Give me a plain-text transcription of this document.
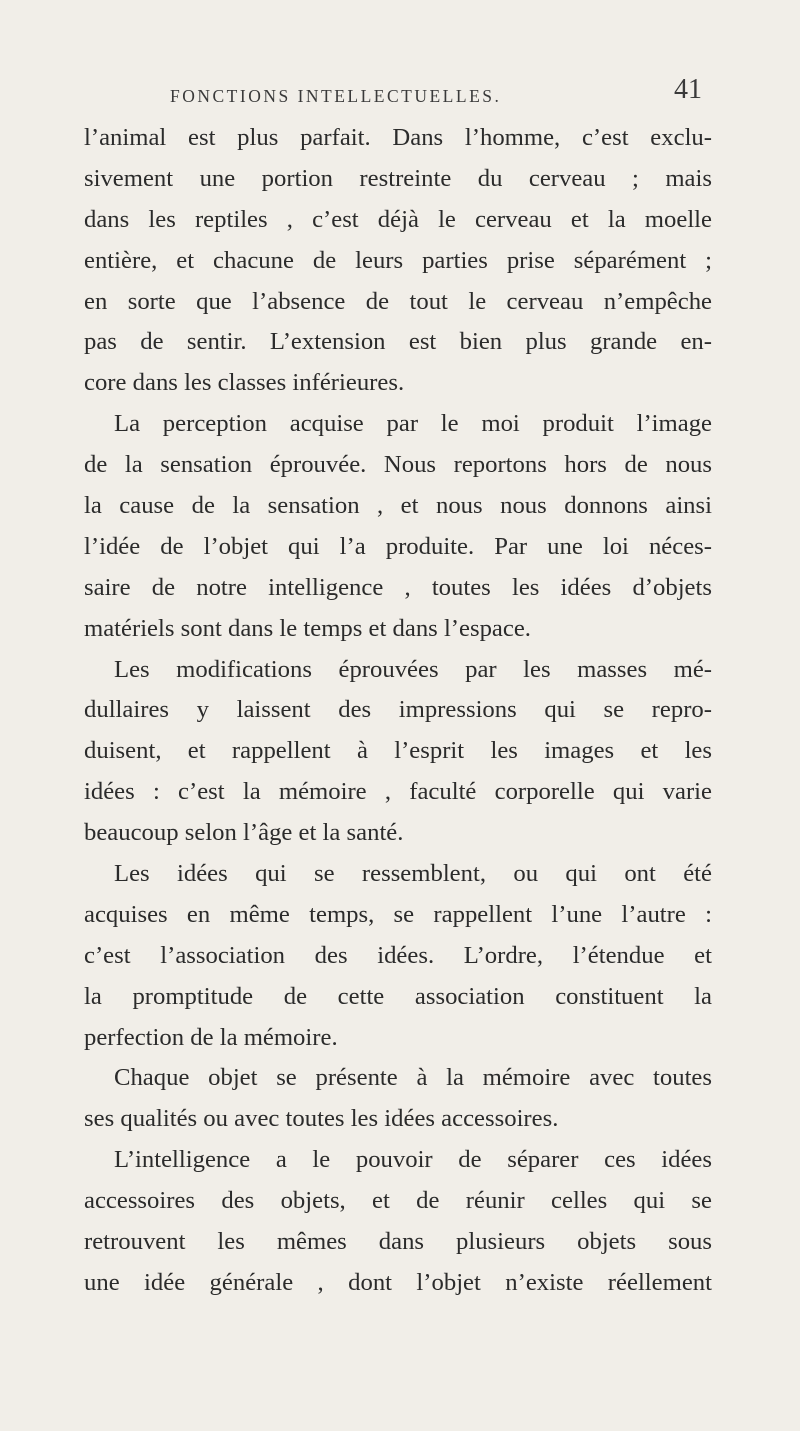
FONCTIONS INTELLECTUELLES.	41
l’animal est plus parfait. Dans l’homme, c’est exclu-
sivement une portion restreinte du cerveau ; mais
dans les reptiles , c’est déjà le cerveau et la moelle
entière, et chacune de leurs parties prise séparément ;
en sorte que l’absence de tout le cerveau n’empêche
pas de sentir. L’extension est bien plus grande en-
core dans les classes inférieures.
La perception acquise par le moi produit l’image
de la sensation éprouvée. Nous reportons hors de nous
la cause de la sensation , et nous nous donnons ainsi
l’idée de l’objet qui l’a produite. Par une loi néces-
saire de notre intelligence , toutes les idées d’objets
matériels sont dans le temps et dans l’espace.
Les modifications éprouvées par les masses mé-
dullaires y laissent des impressions qui se repro-
duisent, et rappellent à l’esprit les images et les
idées : c’est la mémoire , faculté corporelle qui varie
beaucoup selon l’âge et la santé.
Les idées qui se ressemblent, ou qui ont été
acquises en même temps, se rappellent l’une l’autre :
c’est l’association des idées. L’ordre, l’étendue et
la promptitude de cette association constituent la
perfection de la mémoire.
Chaque objet se présente à la mémoire avec toutes
ses qualités ou avec toutes les idées accessoires.
L’intelligence a le pouvoir de séparer ces idées
accessoires des objets, et de réunir celles qui se
retrouvent les mêmes dans plusieurs objets sous
une idée générale , dont l’objet n’existe réellement
